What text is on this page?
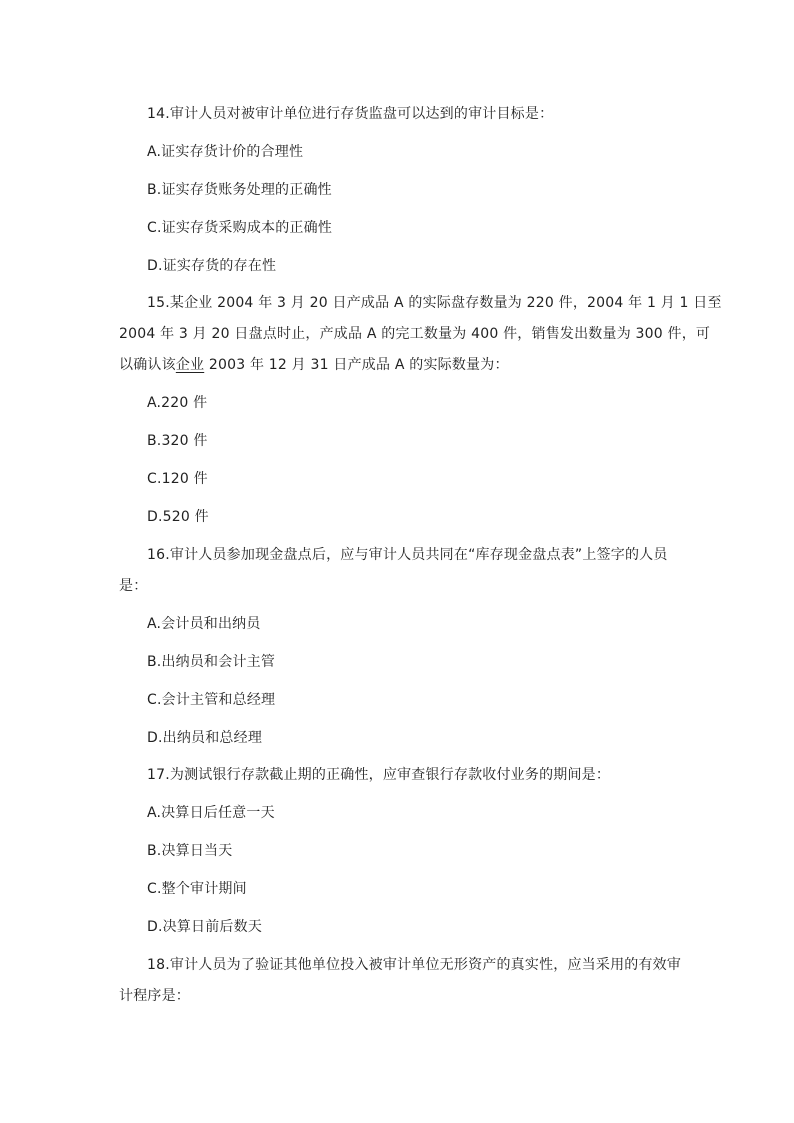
14.审计人员对被审计单位进行存货监盘可以达到的审计目标是：
A.证实存货计价的合理性
B.证实存货账务处理的正确性
C.证实存货采购成本的正确性
D.证实存货的存在性
15.某企业 2004 年 3 月 20 日产成品 A 的实际盘存数量为 220 件，2004 年 1 月 1 日至
2004 年 3 月 20 日盘点时止，产成品 A 的完工数量为 400 件，销售发出数量为 300 件，可
以确认该企业 2003 年 12 月 31 日产成品 A 的实际数量为：
A.220 件
B.320 件
C.120 件
D.520 件
16.审计人员参加现金盘点后，应与审计人员共同在“库存现金盘点表”上签字的人员
是：
A.会计员和出纳员
B.出纳员和会计主管
C.会计主管和总经理
D.出纳员和总经理
17.为测试银行存款截止期的正确性，应审查银行存款收付业务的期间是：
A.决算日后任意一天
B.决算日当天
C.整个审计期间
D.决算日前后数天
18.审计人员为了验证其他单位投入被审计单位无形资产的真实性，应当采用的有效审
计程序是：
